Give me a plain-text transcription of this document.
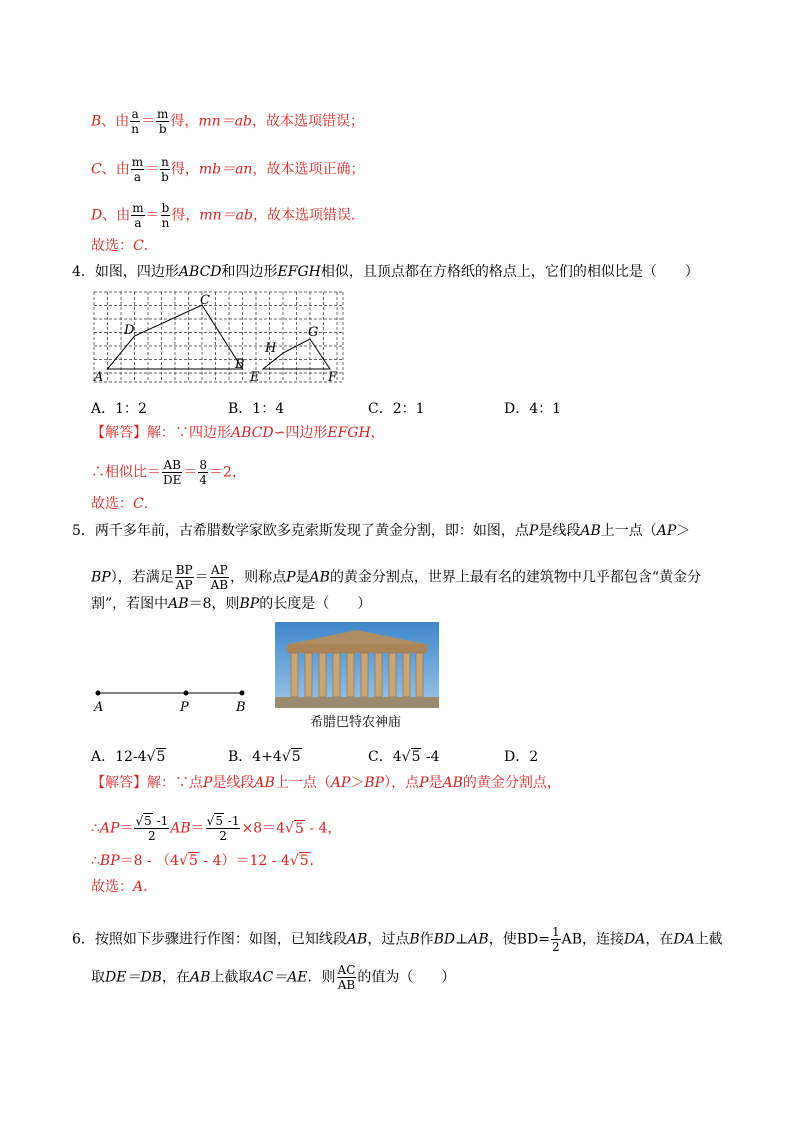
B、由 $\frac{a}{n} = \frac{m}{b}$ 得，mn＝ab，故本选项错误；
C、由 $\frac{m}{a} = \frac{n}{b}$ 得，mb＝an，故本选项正确；
D、由 $\frac{m}{a} = \frac{b}{n}$ 得，mn＝ab，故本选项错误．
故选：C．
4．如图，四边形ABCD和四边形EFGH相似，且顶点都在方格纸的格点上，它们的相似比是（　　）
A
B
C
D
E	F
G
H
A．1：2	B．1：4	C．2：1	D．4：1
【解答】解：∵四边形ABCD∽四边形EFGH，
∴相似比＝ $\frac{AB}{DE} = \frac{8}{4} =2$，
故选：C．
5．两千多年前，古希腊数学家欧多克索斯发现了黄金分割，即：如图，点P是线段AB上一点（AP＞
BP），若满足 $\frac{BP}{AP} = \frac{AP}{AB}$ ，则称点P是AB的黄金分割点，世界上最有名的建筑物中几乎都包含“黄金分
割”，若图中AB＝8，则BP的长度是（　　）
A	P	B
希腊巴特农神庙
A．12-4√5	B．4+4√5	C．4√5 -4	D．2
【解答】解：∵点P是线段AB上一点（AP＞BP），点P是AB的黄金分割点，
∴AP＝ $\frac{√5 -1}{2} AB= \frac{√5 -1}{2} \times 8=4√5 - 4$，
∴BP＝8 - （4√5 - 4）＝12 - 4√5．
故选：A．
6．按照如下步骤进行作图：如图，已知线段AB，过点B作BD⊥AB，使$BD= \frac{1}{2}$ AB，连接DA，在DA上截
取DE＝DB，在AB上截取AC＝AE．则 $\frac{AC}{AB}$ 的值为（　　）
